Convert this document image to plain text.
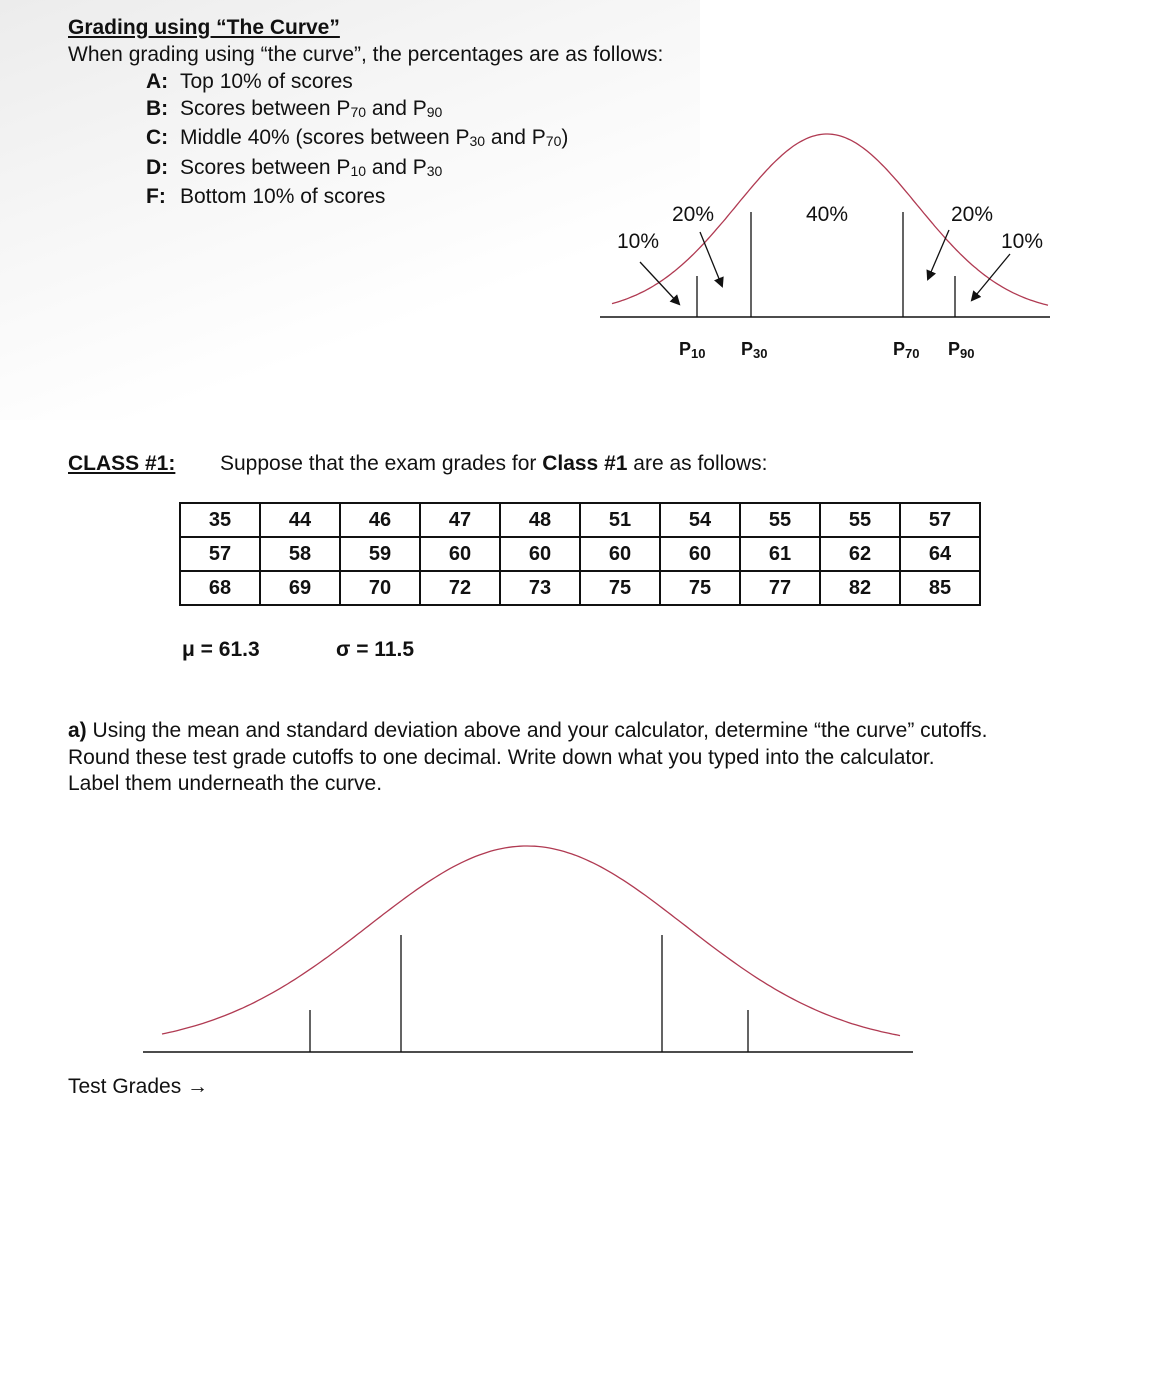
Grading using “The Curve”
When grading using “the curve”, the percentages are as follows:
A: Top 10% of scores
B: Scores between P70 and P90
C: Middle 40% (scores between P30 and P70)
D: Scores between P10 and P30
F: Bottom 10% of scores
10%
20%	40%	20%
10%
P10 P30	P70 P90
CLASS #1: Suppose that the exam grades for Class #1 are as follows:
35	44	46	47	48	51	54	55	55	57
57	58	59	60	60	60	60	61	62	64
68	69	70	72	73	75	75	77	82	85
μ = 61.3	σ = 11.5
a) Using the mean and standard deviation above and your calculator, determine “the curve” cutoffs.
Round these test grade cutoffs to one decimal. Write down what you typed into the calculator.
Label them underneath the curve.
Test Grades →
